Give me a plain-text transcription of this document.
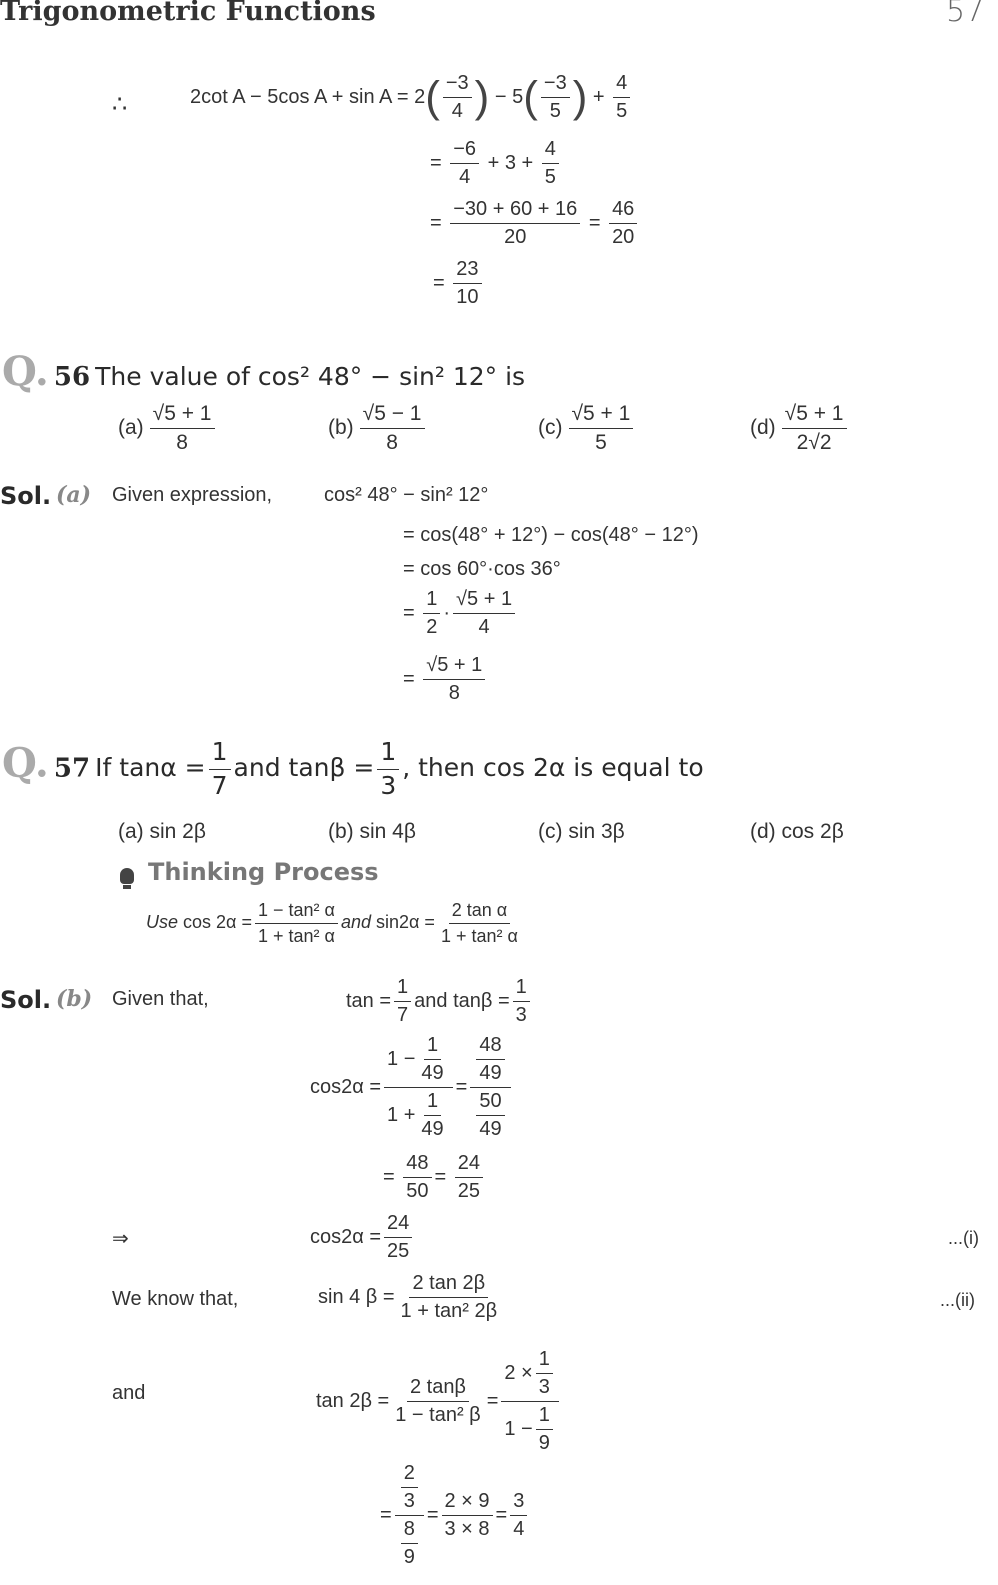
Trigonometric Functions	57
∴	2cot A − 5cos $A + \sin A = 2( \frac{-3}{4}$ ) − $5( \frac{-3}{5}$ ) + $\frac{4}{5}$
= $\frac{-6}{4} + 3 + \frac{4}{5}$
= $\frac{-30 + 60 + 16}{20} = \frac{46}{20}$
= $\frac{23}{10}$
Q. 56 The value of cos² 48° − sin² 12° is
$(a) \frac{√5 + 1}{8}$	$(b) \frac{√5 - 1}{8}$	$(c) \frac{√5 + 1}{5}$	$(d) \frac{√5 + 1}{2√2}$
Sol. (a) Given expression,	cos² 48° − sin² 12°
= cos(48° + 12°) − cos(48° − 12°)
= cos 60°·cos 36°
= $\frac{1}{2} \cdot \frac{√5 + 1}{4}$
= $\frac{√5 + 1}{8}$
Q. 57 If $\tan\alpha = \frac{1}{7}$ and $\tan\beta = \frac{1}{3}$ , then cos 2α is equal to
(a) sin 2β	(b) sin 4β	(c) sin 3β	(d) cos 2β
Thinking Process
Use $\cos 2\alpha = \frac{\text{1 − tan² α}}{\text{1 + tan² α}}$ and $\sin 2\alpha = \frac{\text{2 tan α}}{\text{1 + tan² α}}$
Sol. (b) Given that,	$\tan = \frac{1}{7}$ and $\tan\beta = \frac{1}{3}$
$\cos 2\alpha = \frac{1 - \frac{1}{49}}{1 + \frac{1}{49}} = \frac{\frac{48}{49}}{\frac{50}{49}}$
= $\frac{48}{50} = \frac{24}{25}$
⇒	$\cos 2\alpha = \frac{24}{25}$	...(i)
We know that,	sin 4 $\beta = \frac{2 \tan 2\beta}{\text{1 + tan² 2β}}$	...(ii)
and	$\tan 2\beta = \frac{2 \tan\beta}{\text{1 − tan² β}} = \frac{2 \times \frac{1}{3}}{1 - \frac{1}{9}}$
= $\frac{\frac{2}{3}}{\frac{8}{9}} = \frac{2 \times 9}{3 \times 8} = \frac{3}{4}$
